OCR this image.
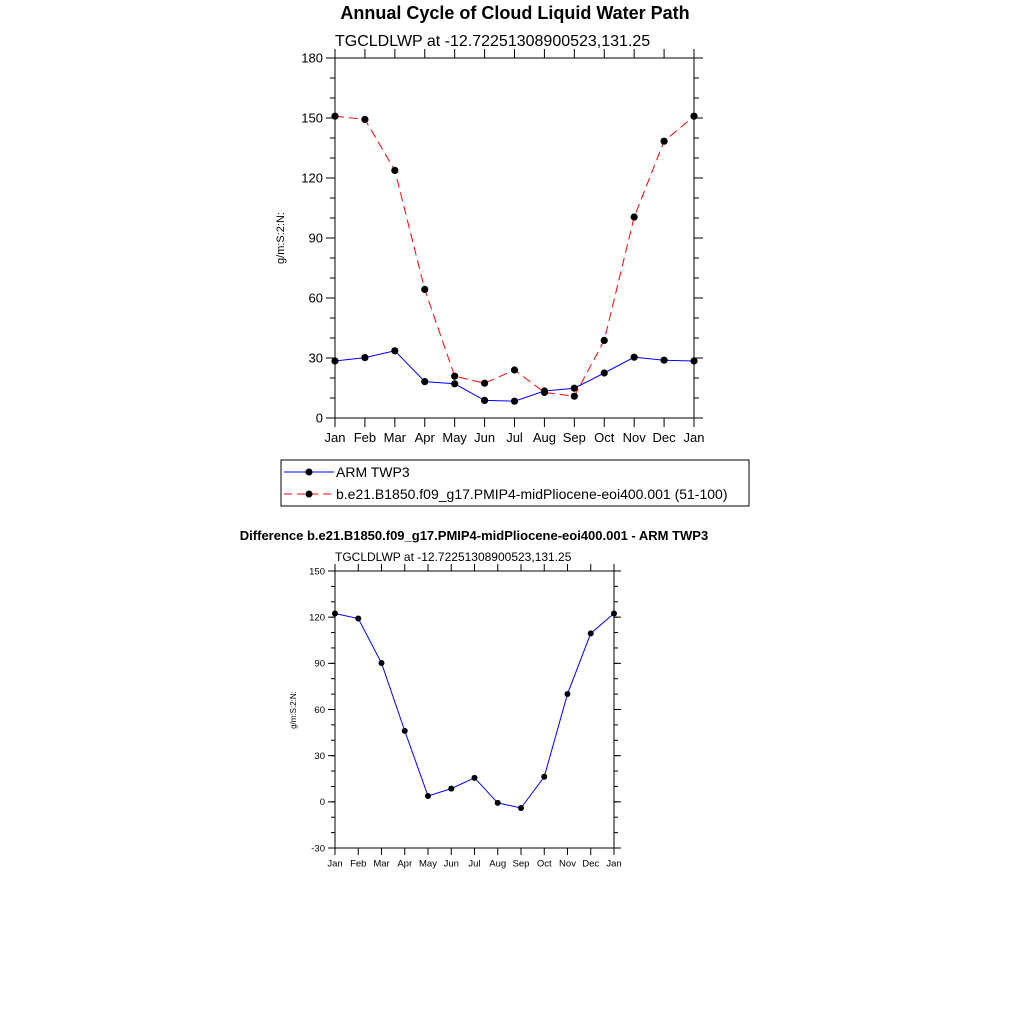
Annual Cycle of Cloud Liquid Water Path
TGCLDLWP at -12.72251308900523,131.25
g/m:S:2:N:
0
30
60
90
120
150
180
Jan Feb Mar Apr May Jun Jul Aug Sep Oct Nov Dec Jan
ARM TWP3
b.e21.B1850.f09_g17.PMIP4-midPliocene-eoi400.001 (51-100)
Difference b.e21.B1850.f09_g17.PMIP4-midPliocene-eoi400.001 - ARM TWP3
TGCLDLWP at -12.72251308900523,131.25
g/m:S:2:N:
-30
0
30
60
90
120
150
Jan Feb Mar Apr May Jun Jul Aug Sep Oct Nov Dec Jan
